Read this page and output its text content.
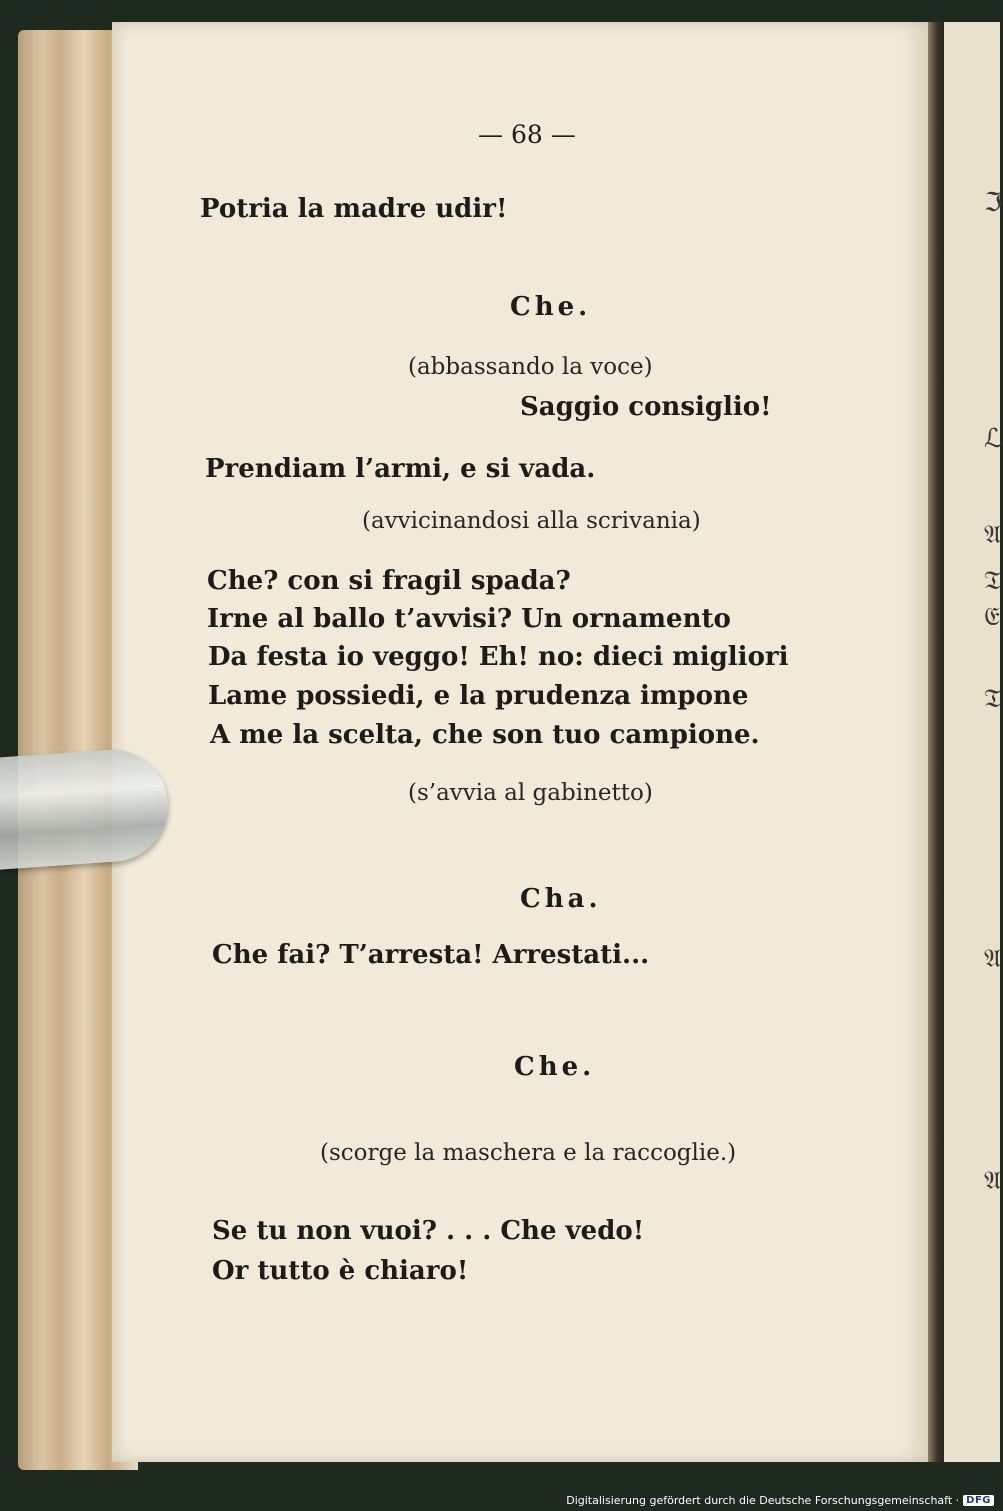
ℑ
ℒ
𝔄
𝔗
𝔈
𝔗
𝔄
𝔄

— 68 —

Potria la madre udir!

Che.

(abbassando la voce)

Saggio consiglio!

Prendiam l’armi, e si vada.

(avvicinandosi alla scrivania)

Che? con si fragil spada?

Irne al ballo t’avvisi? Un ornamento

Da festa io veggo! Eh! no: dieci migliori

Lame possiedi, e la prudenza impone

A me la scelta, che son tuo campione.

(s’avvia al gabinetto)

Cha.

Che fai? T’arresta! Arrestati...

Che.

(scorge la maschera e la raccoglie.)

Se tu non vuoi? . . . Che vedo!

Or tutto è chiaro!

Digitalisierung gefördert durch die Deutsche Forschungsgemeinschaft · DFG
